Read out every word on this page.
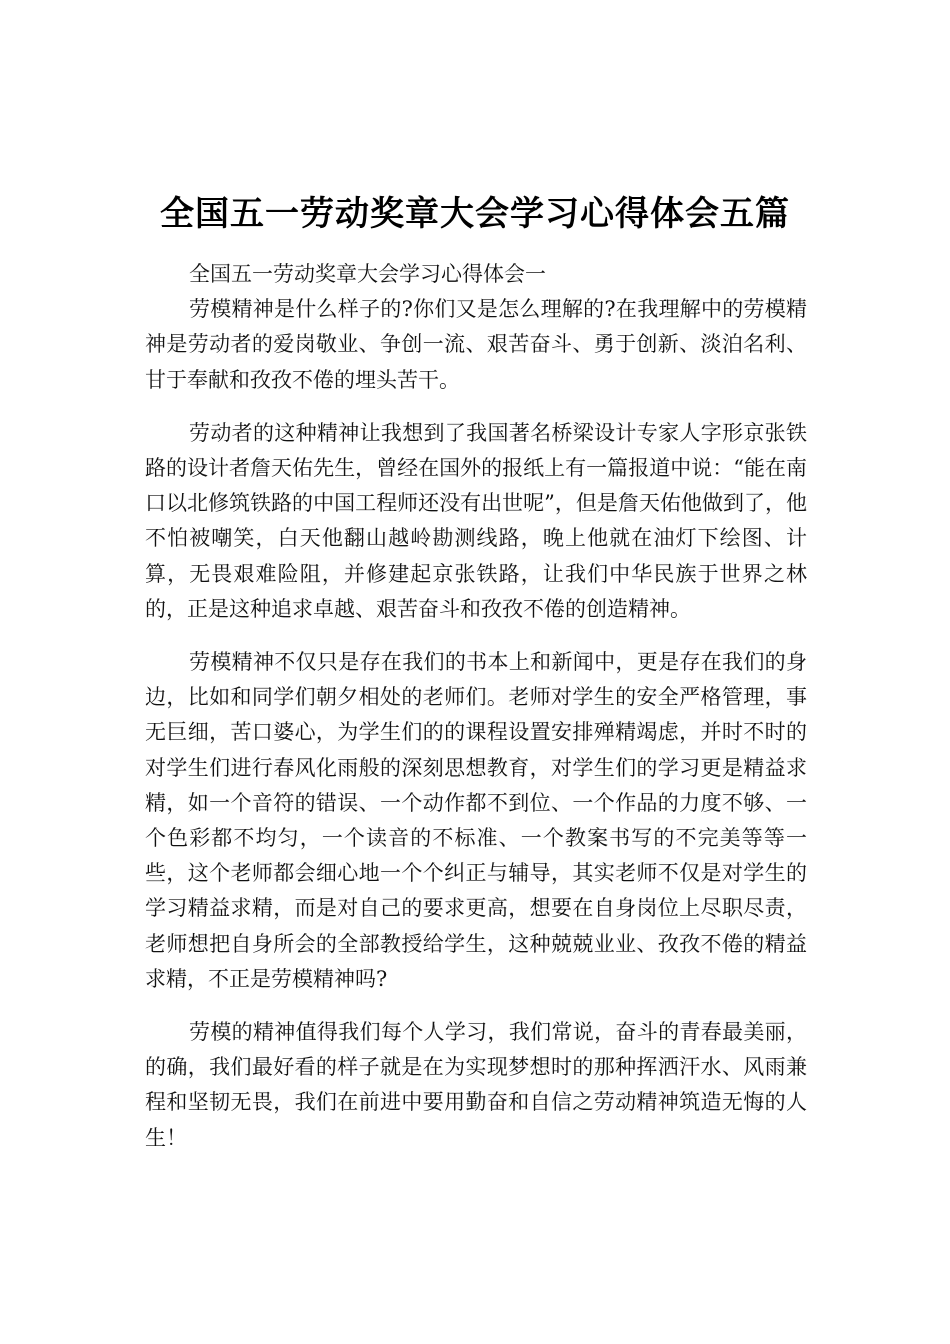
全国五一劳动奖章大会学习心得体会五篇

全国五一劳动奖章大会学习心得体会一

劳模精神是什么样子的?你们又是怎么理解的?在我理解中的劳模精神是劳动者的爱岗敬业、争创一流、艰苦奋斗、勇于创新、淡泊名利、甘于奉献和孜孜不倦的埋头苦干。

劳动者的这种精神让我想到了我国著名桥梁设计专家人字形京张铁路的设计者詹天佑先生，曾经在国外的报纸上有一篇报道中说：“能在南口以北修筑铁路的中国工程师还没有出世呢”，但是詹天佑他做到了，他不怕被嘲笑，白天他翻山越岭勘测线路，晚上他就在油灯下绘图、计算，无畏艰难险阻，并修建起京张铁路，让我们中华民族于世界之林的，正是这种追求卓越、艰苦奋斗和孜孜不倦的创造精神。

劳模精神不仅只是存在我们的书本上和新闻中，更是存在我们的身边，比如和同学们朝夕相处的老师们。老师对学生的安全严格管理，事无巨细，苦口婆心，为学生们的的课程设置安排殚精竭虑，并时不时的对学生们进行春风化雨般的深刻思想教育，对学生们的学习更是精益求精，如一个音符的错误、一个动作都不到位、一个作品的力度不够、一个色彩都不均匀，一个读音的不标准、一个教案书写的不完美等等一些，这个老师都会细心地一个个纠正与辅导，其实老师不仅是对学生的学习精益求精，而是对自己的要求更高，想要在自身岗位上尽职尽责，老师想把自身所会的全部教授给学生，这种兢兢业业、孜孜不倦的精益求精，不正是劳模精神吗?

劳模的精神值得我们每个人学习，我们常说，奋斗的青春最美丽，的确，我们最好看的样子就是在为实现梦想时的那种挥洒汗水、风雨兼程和坚韧无畏，我们在前进中要用勤奋和自信之劳动精神筑造无悔的人生！
